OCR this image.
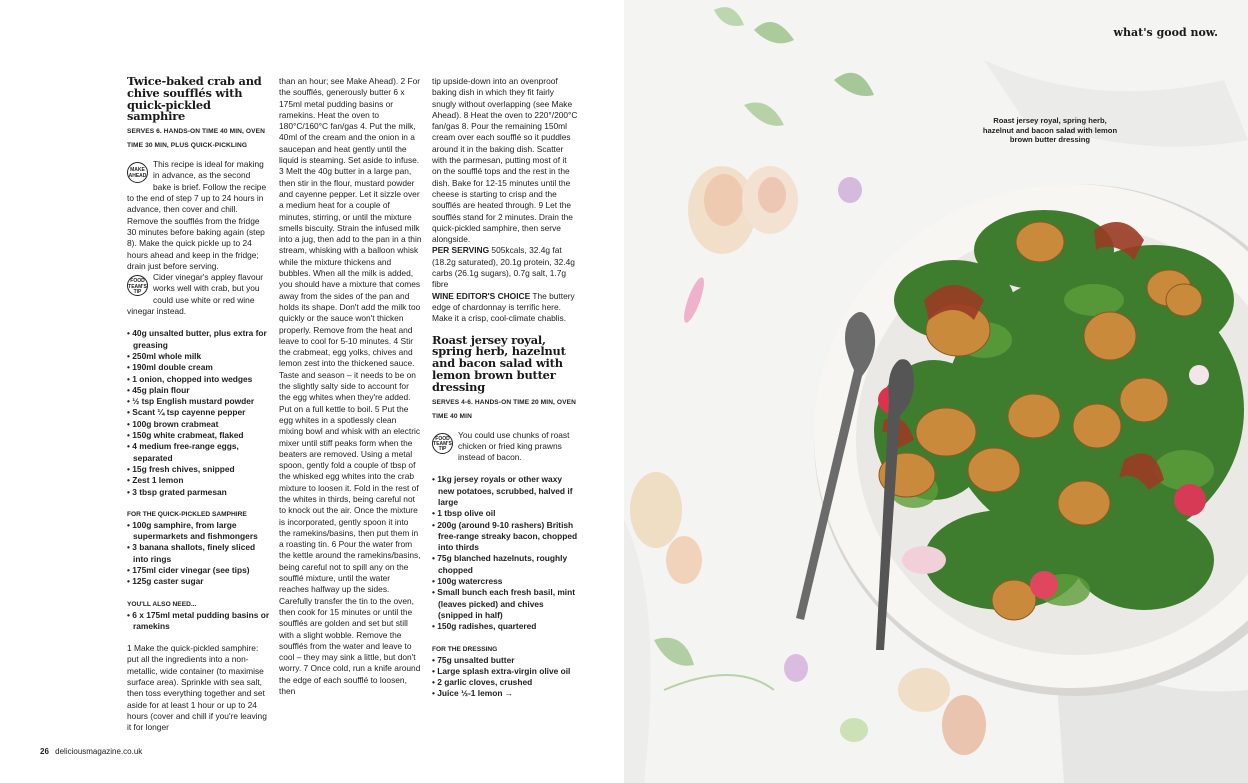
Twice-baked crab and chive soufflés with quick-pickled samphire
SERVES 6. HANDS-ON TIME 40 MIN, OVEN TIME 30 MIN, PLUS QUICK-PICKLING
MAKE AHEAD
This recipe is ideal for making in advance, as the second bake is brief. Follow the recipe to the end of step 7 up to 24 hours in advance, then cover and chill. Remove the soufflés from the fridge 30 minutes before baking again (step 8). Make the quick pickle up to 24 hours ahead and keep in the fridge; drain just before serving.
FOOD TEAM'S TIP
Cider vinegar's appley flavour works well with crab, but you could use white or red wine vinegar instead.
• 40g unsalted butter, plus extra for greasing
• 250ml whole milk
• 190ml double cream
• 1 onion, chopped into wedges
• 45g plain flour
• ½ tsp English mustard powder
• Scant ¼ tsp cayenne pepper
• 100g brown crabmeat
• 150g white crabmeat, flaked
• 4 medium free-range eggs, separated
• 15g fresh chives, snipped
• Zest 1 lemon
• 3 tbsp grated parmesan
FOR THE QUICK-PICKLED SAMPHIRE
• 100g samphire, from large supermarkets and fishmongers
• 3 banana shallots, finely sliced into rings
• 175ml cider vinegar (see tips)
• 125g caster sugar
YOU'LL ALSO NEED...
• 6 x 175ml metal pudding basins or ramekins
1 Make the quick-pickled samphire: put all the ingredients into a non-metallic, wide container (to maximise surface area). Sprinkle with sea salt, then toss everything together and set aside for at least 1 hour or up to 24 hours (cover and chill if you're leaving it for longer
than an hour; see Make Ahead). 2 For the soufflés, generously butter 6 x 175ml metal pudding basins or ramekins. Heat the oven to 180°C/160°C fan/gas 4. Put the milk, 40ml of the cream and the onion in a saucepan and heat gently until the liquid is steaming. Set aside to infuse. 3 Melt the 40g butter in a large pan, then stir in the flour, mustard powder and cayenne pepper. Let it sizzle over a medium heat for a couple of minutes, stirring, or until the mixture smells biscuity. Strain the infused milk into a jug, then add to the pan in a thin stream, whisking with a balloon whisk while the mixture thickens and bubbles. When all the milk is added, you should have a mixture that comes away from the sides of the pan and holds its shape. Don't add the milk too quickly or the sauce won't thicken properly. Remove from the heat and leave to cool for 5-10 minutes. 4 Stir the crabmeat, egg yolks, chives and lemon zest into the thickened sauce. Taste and season – it needs to be on the slightly salty side to account for the egg whites when they're added. Put on a full kettle to boil. 5 Put the egg whites in a spotlessly clean mixing bowl and whisk with an electric mixer until stiff peaks form when the beaters are removed. Using a metal spoon, gently fold a couple of tbsp of the whisked egg whites into the crab mixture to loosen it. Fold in the rest of the whites in thirds, being careful not to knock out the air. Once the mixture is incorporated, gently spoon it into the ramekins/basins, then put them in a roasting tin. 6 Pour the water from the kettle around the ramekins/basins, being careful not to spill any on the soufflé mixture, until the water reaches halfway up the sides. Carefully transfer the tin to the oven, then cook for 15 minutes or until the soufflés are golden and set but still with a slight wobble. Remove the soufflés from the water and leave to cool – they may sink a little, but don't worry. 7 Once cold, run a knife around the edge of each soufflé to loosen, then
tip upside-down into an ovenproof baking dish in which they fit fairly snugly without overlapping (see Make Ahead). 8 Heat the oven to 220°/200°C fan/gas 8. Pour the remaining 150ml cream over each soufflé so it puddles around it in the baking dish. Scatter with the parmesan, putting most of it on the soufflé tops and the rest in the dish. Bake for 12-15 minutes until the cheese is starting to crisp and the soufflés are heated through. 9 Let the soufflés stand for 2 minutes. Drain the quick-pickled samphire, then serve alongside.
PER SERVING 505kcals, 32.4g fat (18.2g saturated), 20.1g protein, 32.4g carbs (26.1g sugars), 0.7g salt, 1.7g fibre
WINE EDITOR'S CHOICE The buttery edge of chardonnay is terrific here. Make it a crisp, cool-climate chablis.
Roast jersey royal, spring herb, hazelnut and bacon salad with lemon brown butter dressing
SERVES 4-6. HANDS-ON TIME 20 MIN, OVEN TIME 40 MIN
FOOD TEAM'S TIP
You could use chunks of roast chicken or fried king prawns instead of bacon.
• 1kg jersey royals or other waxy new potatoes, scrubbed, halved if large
• 1 tbsp olive oil
• 200g (around 9-10 rashers) British free-range streaky bacon, chopped into thirds
• 75g blanched hazelnuts, roughly chopped
• 100g watercress
• Small bunch each fresh basil, mint (leaves picked) and chives (snipped in half)
• 150g radishes, quartered
FOR THE DRESSING
• 75g unsalted butter
• Large splash extra-virgin olive oil
• 2 garlic cloves, crushed
• Juice ½-1 lemon →
26 deliciousmagazine.co.uk
what's good now.
Roast jersey royal, spring herb, hazelnut and bacon salad with lemon brown butter dressing
